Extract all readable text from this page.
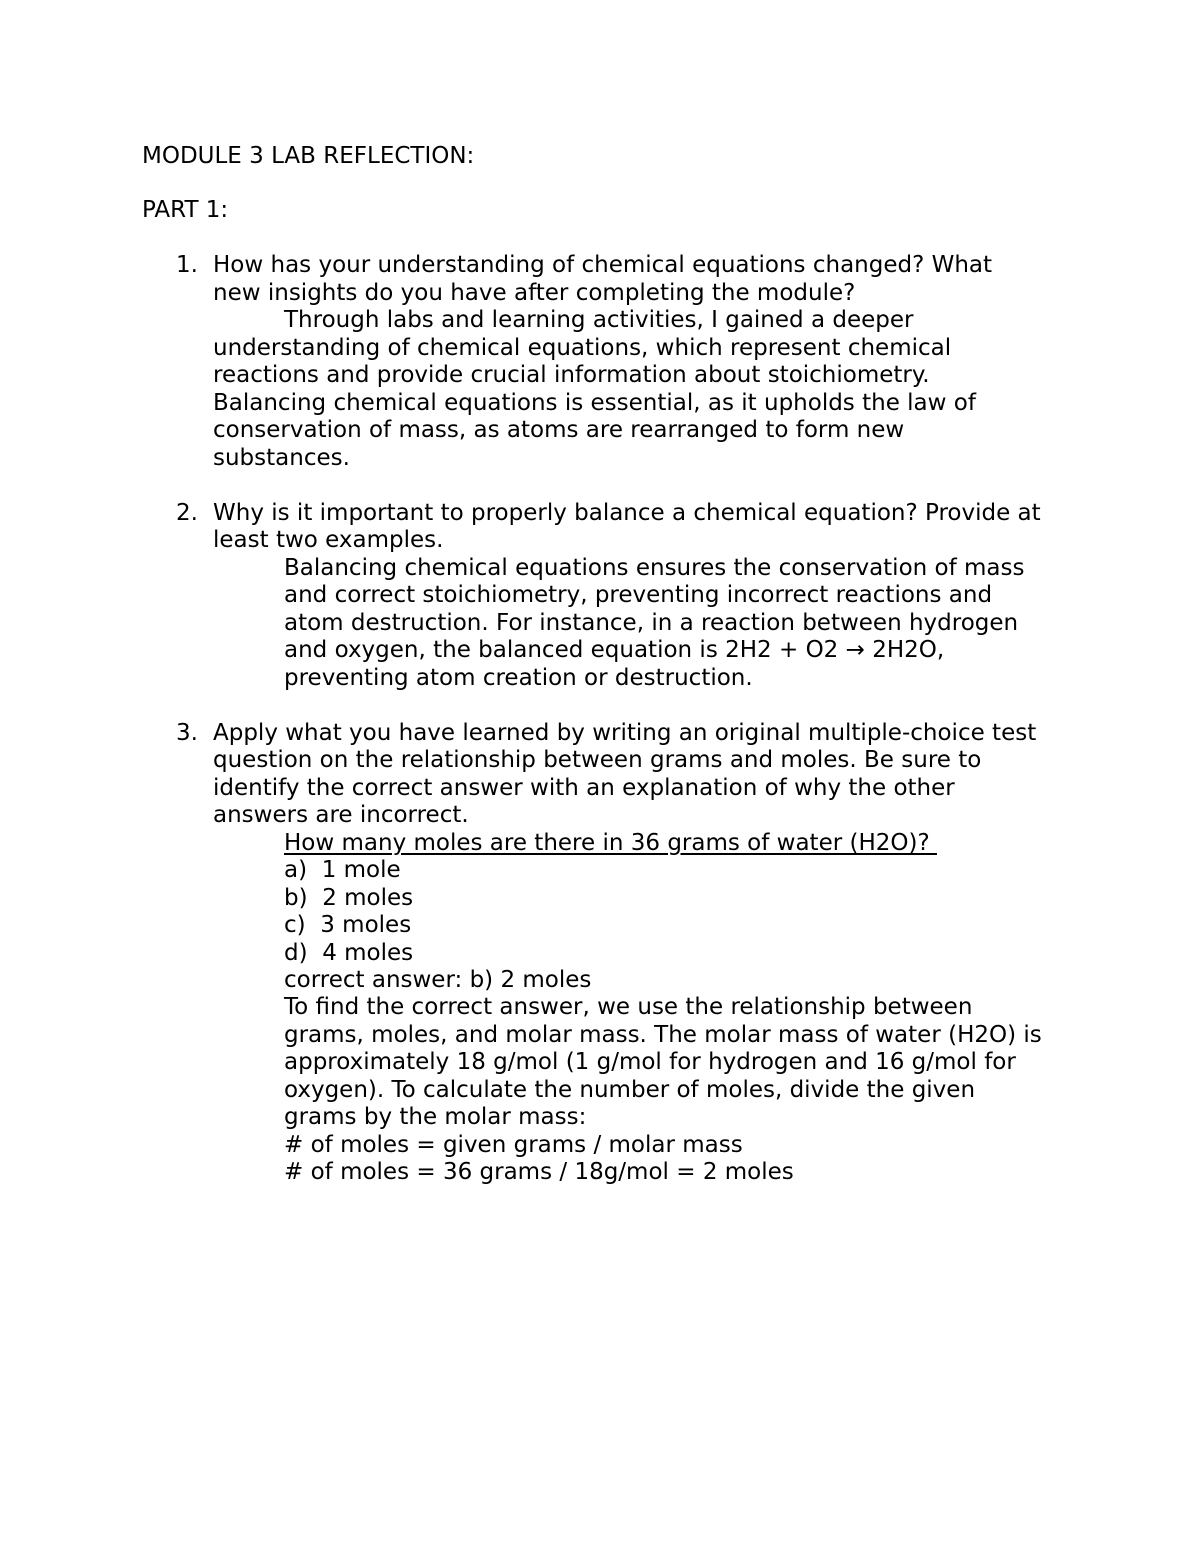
MODULE 3 LAB REFLECTION:
PART 1:
1. How has your understanding of chemical equations changed? What
new insights do you have after completing the module?
Through labs and learning activities, I gained a deeper
understanding of chemical equations, which represent chemical
reactions and provide crucial information about stoichiometry.
Balancing chemical equations is essential, as it upholds the law of
conservation of mass, as atoms are rearranged to form new
substances.
2. Why is it important to properly balance a chemical equation? Provide at
least two examples.
Balancing chemical equations ensures the conservation of mass
and correct stoichiometry, preventing incorrect reactions and
atom destruction. For instance, in a reaction between hydrogen
and oxygen, the balanced equation is 2H2 + O2 → 2H2O,
preventing atom creation or destruction.
3. Apply what you have learned by writing an original multiple-choice test
question on the relationship between grams and moles. Be sure to
identify the correct answer with an explanation of why the other
answers are incorrect.
How many moles are there in 36 grams of water (H2O)?
a)  1 mole
b)  2 moles
c)  3 moles
d)  4 moles
correct answer: b) 2 moles
To find the correct answer, we use the relationship between
grams, moles, and molar mass. The molar mass of water (H2O) is
approximately 18 g/mol (1 g/mol for hydrogen and 16 g/mol for
oxygen). To calculate the number of moles, divide the given
grams by the molar mass:
# of moles = given grams / molar mass
# of moles = 36 grams / 18g/mol = 2 moles
